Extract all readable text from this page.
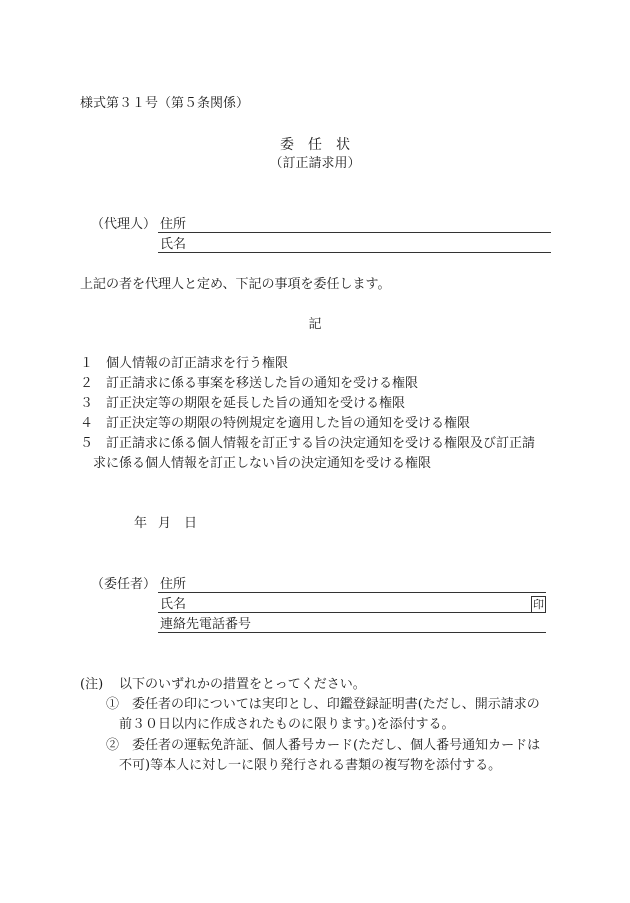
様式第３１号（第５条関係）
委　任　状
（訂正請求用）
（代理人） 住所
氏名
上記の者を代理人と定め、下記の事項を委任します。
記
１　個人情報の訂正請求を行う権限
２　訂正請求に係る事案を移送した旨の通知を受ける権限
３　訂正決定等の期限を延長した旨の通知を受ける権限
４　訂正決定等の期限の特例規定を適用した旨の通知を受ける権限
５　訂正請求に係る個人情報を訂正する旨の決定通知を受ける権限及び訂正請
求に係る個人情報を訂正しない旨の決定通知を受ける権限
年 月 日
（委任者） 住所
氏名	印
連絡先電話番号
(注) 以下のいずれかの措置をとってください。
①　委任者の印については実印とし、印鑑登録証明書(ただし、開示請求の
前３０日以内に作成されたものに限ります。)を添付する。
②　委任者の運転免許証、個人番号カード(ただし、個人番号通知カードは
不可)等本人に対し一に限り発行される書類の複写物を添付する。
